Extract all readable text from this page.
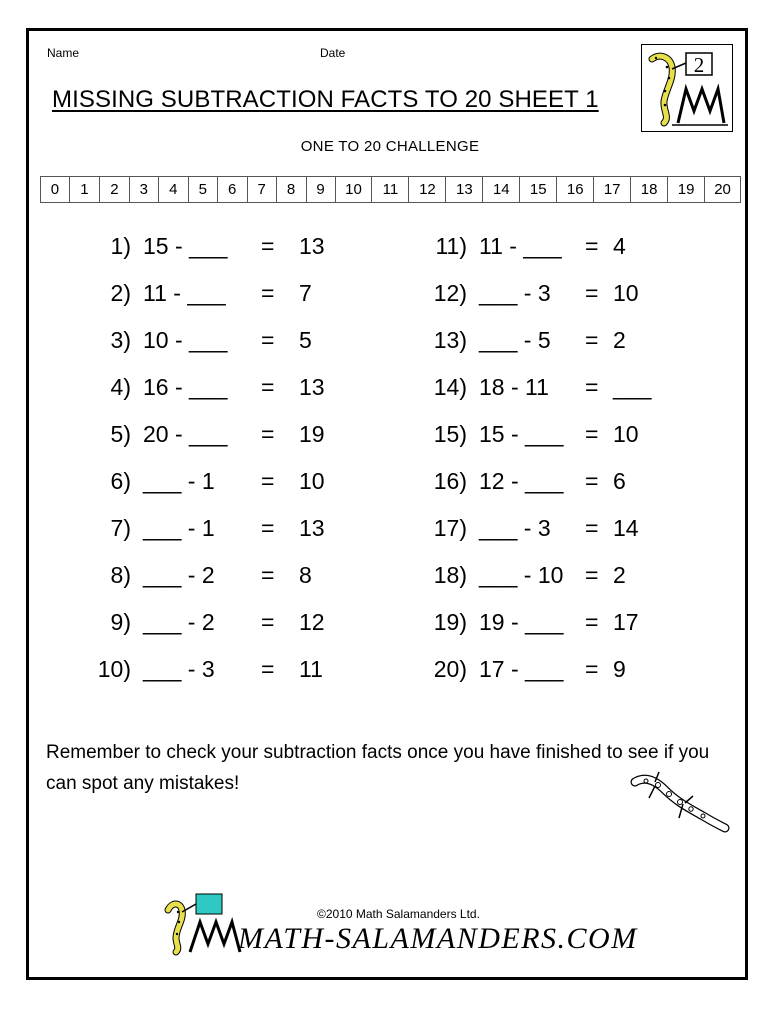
Name	Date
MISSING SUBTRACTION FACTS TO 20 SHEET 1
2
ONE TO 20 CHALLENGE
0	1	2	3	4	5	6	7	8	9	10	11	12	13	14	15	16	17	18	19	20
1) 15 - ___ = 13
2) 11 - ___ = 7
3) 10 - ___ = 5
4) 16 - ___ = 13
5) 20 - ___ = 19
6) ___ - 1 = 10
7) ___ - 1 = 13
8) ___ - 2 = 8
9) ___ - 2 = 12
10) ___ - 3 = 11
11) 11 - ___ = 4
12) ___ - 3 = 10
13) ___ - 5 = 2
14) 18 - 11 = ___
15) 15 - ___ = 10
16) 12 - ___ = 6
17) ___ - 3 = 14
18) ___ - 10 = 2
19) 19 - ___ = 17
20) 17 - ___ = 9
Remember to check your subtraction facts once you have finished to see if you can spot any mistakes!
©2010 Math Salamanders Ltd.
MATH-SALAMANDERS.COM
